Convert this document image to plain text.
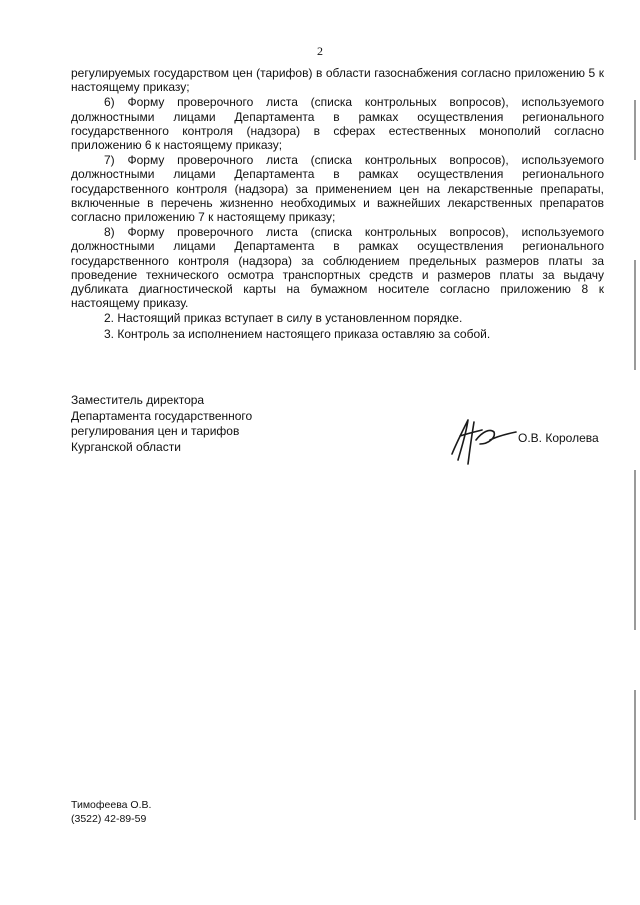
2

регулируемых государством цен (тарифов) в области газоснабжения согласно приложению 5 к настоящему приказу;

6) Форму проверочного листа (списка контрольных вопросов), используемого должностными лицами Департамента в рамках осуществления регионального государственного контроля (надзора) в сферах естественных монополий согласно приложению 6 к настоящему приказу;

7) Форму проверочного листа (списка контрольных вопросов), используемого должностными лицами Департамента в рамках осуществления регионального государственного контроля (надзора) за применением цен на лекарственные препараты, включенные в перечень жизненно необходимых и важнейших лекарственных препаратов согласно приложению 7 к настоящему приказу;

8) Форму проверочного листа (списка контрольных вопросов), используемого должностными лицами Департамента в рамках осуществления регионального государственного контроля (надзора) за соблюдением предельных размеров платы за проведение технического осмотра транспортных средств и размеров платы за выдачу дубликата диагностической карты на бумажном носителе согласно приложению 8 к настоящему приказу.

2. Настоящий приказ вступает в силу в установленном порядке.

3. Контроль за исполнением настоящего приказа оставляю за собой.

Заместитель директора
Департамента государственного
регулирования цен и тарифов
Курганской области
О.В. Королева
Тимофеева О.В.
(3522) 42-89-59
